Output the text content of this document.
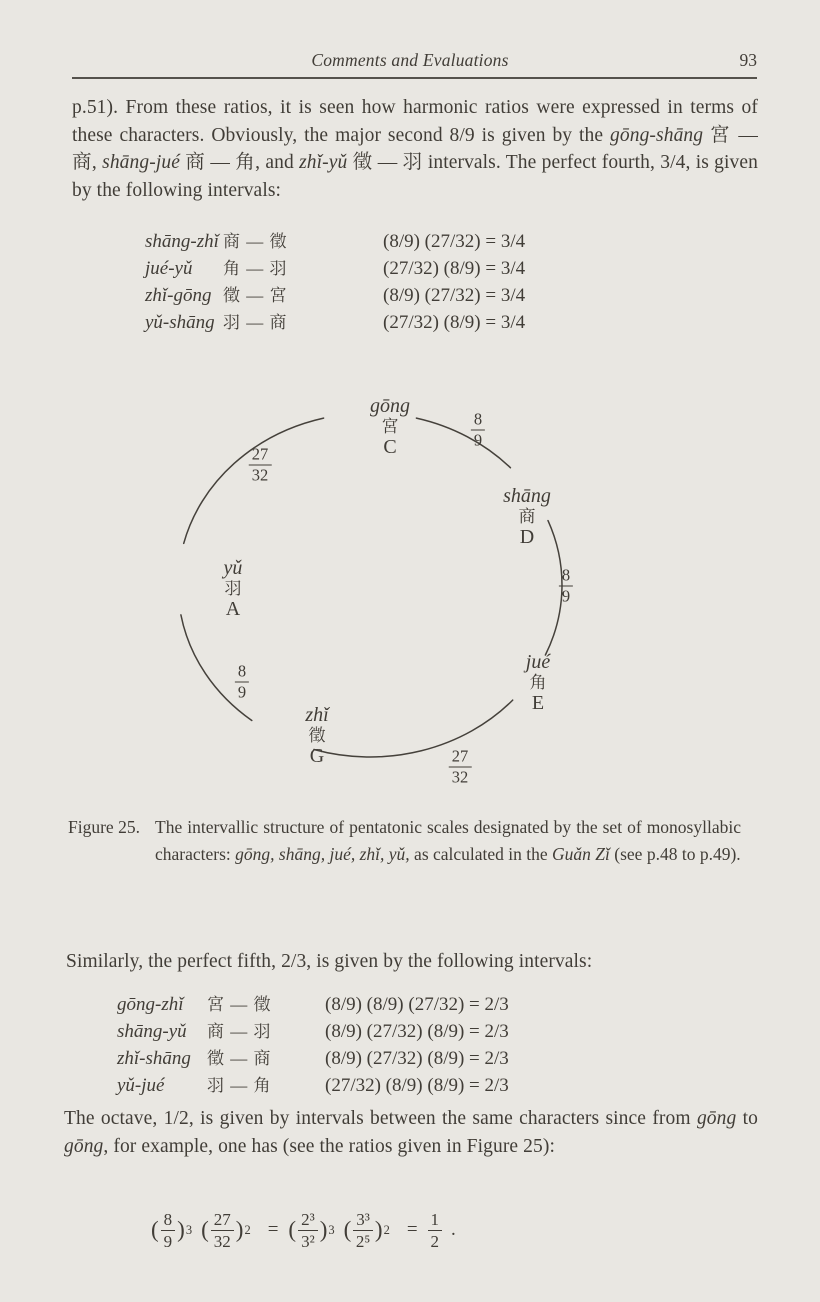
Comments and Evaluations	93
p.51). From these ratios, it is seen how harmonic ratios were expressed in terms of these characters. Obviously, the major second 8/9 is given by the gōng-shāng 宮 — 商, shāng-jué 商 — 角, and zhǐ-yǔ 徵 — 羽 intervals. The perfect fourth, 3/4, is given by the following intervals:
shāng-zhǐ 商 — 徵	(8/9) (27/32) = 3/4
jué-yǔ	角 — 羽	(27/32) (8/9) = 3/4
zhǐ-gōng 徵 — 宮	(8/9) (27/32) = 3/4
yǔ-shāng 羽 — 商	(27/32) (8/9) = 3/4
gōng
宮
C
shāng
商
D
jué
角
E
zhǐ
徵
G
yǔ
羽
A
$\frac{8}{9}$
$\frac{8}{9}$
$\frac{27}{32}$
$\frac{8}{9}$
$\frac{27}{32}$
Figure 25. The intervallic structure of pentatonic scales designated by the set of monosyllabic characters: gōng, shāng, jué, zhǐ, yǔ, as calculated in the Guǎn Zǐ (see p.48 to p.49).
Similarly, the perfect fifth, 2/3, is given by the following intervals:
gōng-zhǐ	宮 — 徵	(8/9) (8/9) (27/32) = 2/3
shāng-yǔ	商 — 羽	(8/9) (27/32) (8/9) = 2/3
zhǐ-shāng 徵 — 商	(8/9) (27/32) (8/9) = 2/3
yǔ-jué	羽 — 角	(27/32) (8/9) (8/9) = 2/3
The octave, 1/2, is given by intervals between the same characters since from gōng to gōng, for example, one has (see the ratios given in Figure 25):
( $\frac{8}{9}$ ) 3 ( $\frac{27}{32}$ ) 2 = ( $\frac{\text{2³}}{\text{3²}}$ ) 3 ( $\frac{\text{3³}}{\text{2⁵}}$ ) $2 = \frac{1}{2}$ .
